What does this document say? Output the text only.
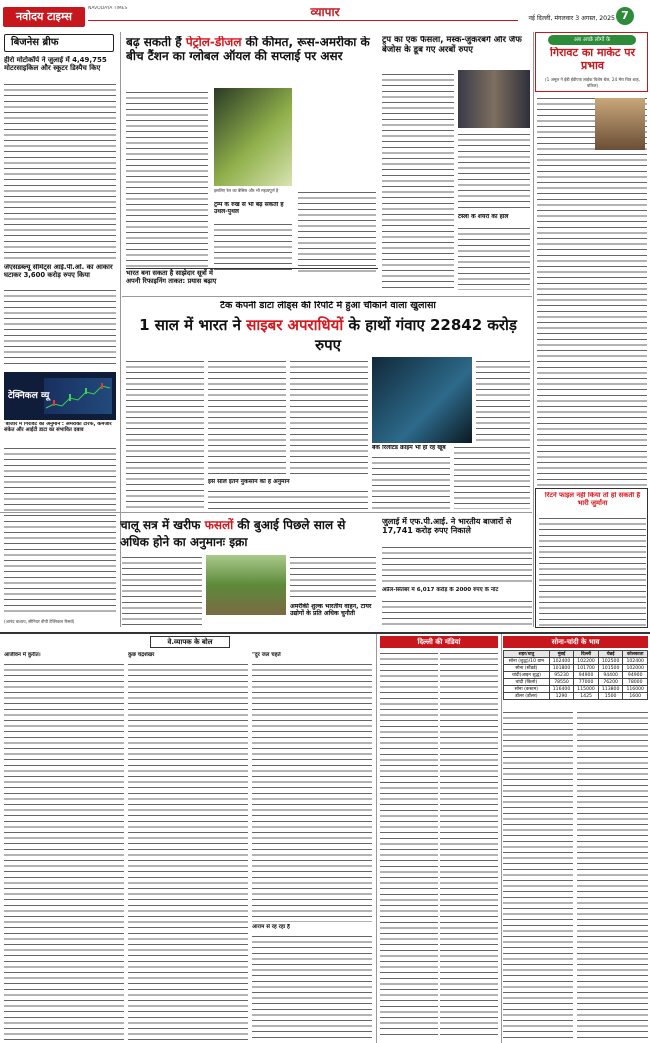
नवोदय टाइम्स
NAVODAYA TIMES	व्यापार	नई दिल्ली, मंगलवार 3 अगस्त, 2025 7
बिजनेस ब्रीफ
हीरो मोटोकॉर्प ने जुलाई में 4,49,755 मोटरसाइकिल और स्कूटर डिस्पैच किए
जेएसडब्ल्यू सीमेंट्स आई.पी.ओ. का आकार घटाकर 3,600 करोड़ रुपए किया
टेक्निकल व्यू
'बाजार में गिरावट का अनुमान': अमरीकी टैरिफ, कमजोर संकेत और आईटी डाटा का संभावित दबाव
बढ़ सकती हैं पेट्रोल-डीजल की कीमत, रूस-अमरीका के बीच टैंशन का ग्लोबल ऑयल की सप्लाई पर असर
इसलिए रेल का बेसिस और भी महत्वपूर्ण है
ट्रम्प के रुख से भी बढ़ सकती है उथल-पुथल
भारत बना सकता है साझेदार सूत्रों में अपनी रिफाइनिंग ताकत: प्रयास बढ़ाए
ट्रंप का एक फैसला, मस्क-जुकरबर्ग और जैफ बेजोस के डूब गए अरबों रुपए
टैस्ला के शेयरों का हाल
अब अच्छे लोगों के
गिरावट का माकेट पर प्रभाव
(1 अमूल ने ईडी ईडीएफ लाईक विशेष बेज, 24 मॅरा चित्र शाह, वकिल)
टैक कंपनी डाटा लीड्स की रिपोर्ट में हुआ चौंकाने वाला खुलासा
1 साल में भारत ने साइबर अपराधियों के हाथों गंवाए 22842 करोड़ रुपए
इस साल इतने नुकसान का है अनुमान
बैंक रिलेटिड क्राइम भी हो रहे खूब
रिटर्न फाइल नहीं किया तो हो सकती है भारी जुर्माना
चालू सत्र में खरीफ फसलों की बुआई पिछले साल से अधिक होने का अनुमानः इक्रा
अमरीकी शुल्क भारतीय वाहन, टायर उद्योगों के प्रति अधिक चुनौती
(आनंद कश्यप, सीनियर वीपी टेक्निकल रिसर्च)
जुलाई में एफ.पी.आई. ने भारतीय बाजारों से 17,741 करोड़ रुपए निकाले
अप्रैल-सितंबर में 6,017 करोड़ के 2000 रुपए के नोट
वे.व्यापक के बोल
आजीवन में कुरीत।	कुछ चंद्रशेखर	"दुर जल चहते
आराम से रह रहा है
दिल्ली की मंडियां	सोना-चांदी के भाव
शहर/धातु	मुंबई	दिल्ली	चेन्नई	कोलकाता
सोना (शुद्ध)/10 ग्राम	102400	102200	102500	102400
सोना (स्टैंडर्ड)	101800	101700	101500	102000
चांदी(आइन शुद्ध)	95230	94900	94400	94900
चांदी (किलो)	78550	77000	76200	78000
सोना (कस्टम)	116400	115000	113800	116000
डॉलर (डॉलर)	1290	1425	1500	1600
